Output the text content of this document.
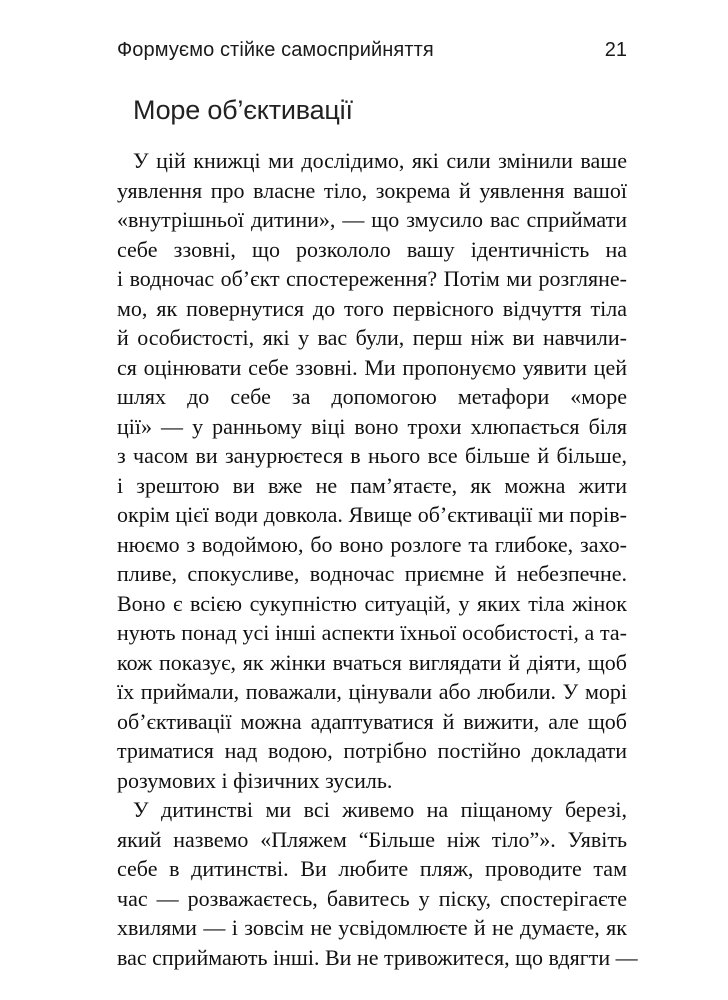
Формуємо стійке самосприйняття	21
Море об’єктивації
У цій книжці ми дослідимо, які сили змінили ваше
уявлення про власне тіло, зокрема й уявлення вашої
«внутрішньої дитини», — що змусило вас сприймати
себе ззовні, що розкололо вашу ідентичність на
і водночас об’єкт спостереження? Потім ми розгляне-
мо, як повернутися до того первісного відчуття тіла
й особистості, які у вас були, перш ніж ви навчили-
ся оцінювати себе ззовні. Ми пропонуємо уявити цей
шлях до себе за допомогою метафори «море
ції» — у ранньому віці воно трохи хлюпається біля
з часом ви занурюєтеся в нього все більше й більше,
і зрештою ви вже не пам’ятаєте, як можна жити
окрім цієї води довкола. Явище об’єктивації ми порів-
нюємо з водоймою, бо воно розлоге та глибоке, захо-
пливе, спокусливе, водночас приємне й небезпечне.
Воно є всією сукупністю ситуацій, у яких тіла жінок
нують понад усі інші аспекти їхньої особистості, а та-
кож показує, як жінки вчаться виглядати й діяти, щоб
їх приймали, поважали, цінували або любили. У морі
об’єктивації можна адаптуватися й вижити, але щоб
триматися над водою, потрібно постійно докладати
розумових і фізичних зусиль.
У дитинстві ми всі живемо на піщаному березі,
який назвемо «Пляжем “Більше ніж тіло”». Уявіть
себе в дитинстві. Ви любите пляж, проводите там
час — розважаєтесь, бавитесь у піску, спостерігаєте
хвилями — і зовсім не усвідомлюєте й не думаєте, як
вас сприймають інші. Ви не тривожитеся, що вдягти —
